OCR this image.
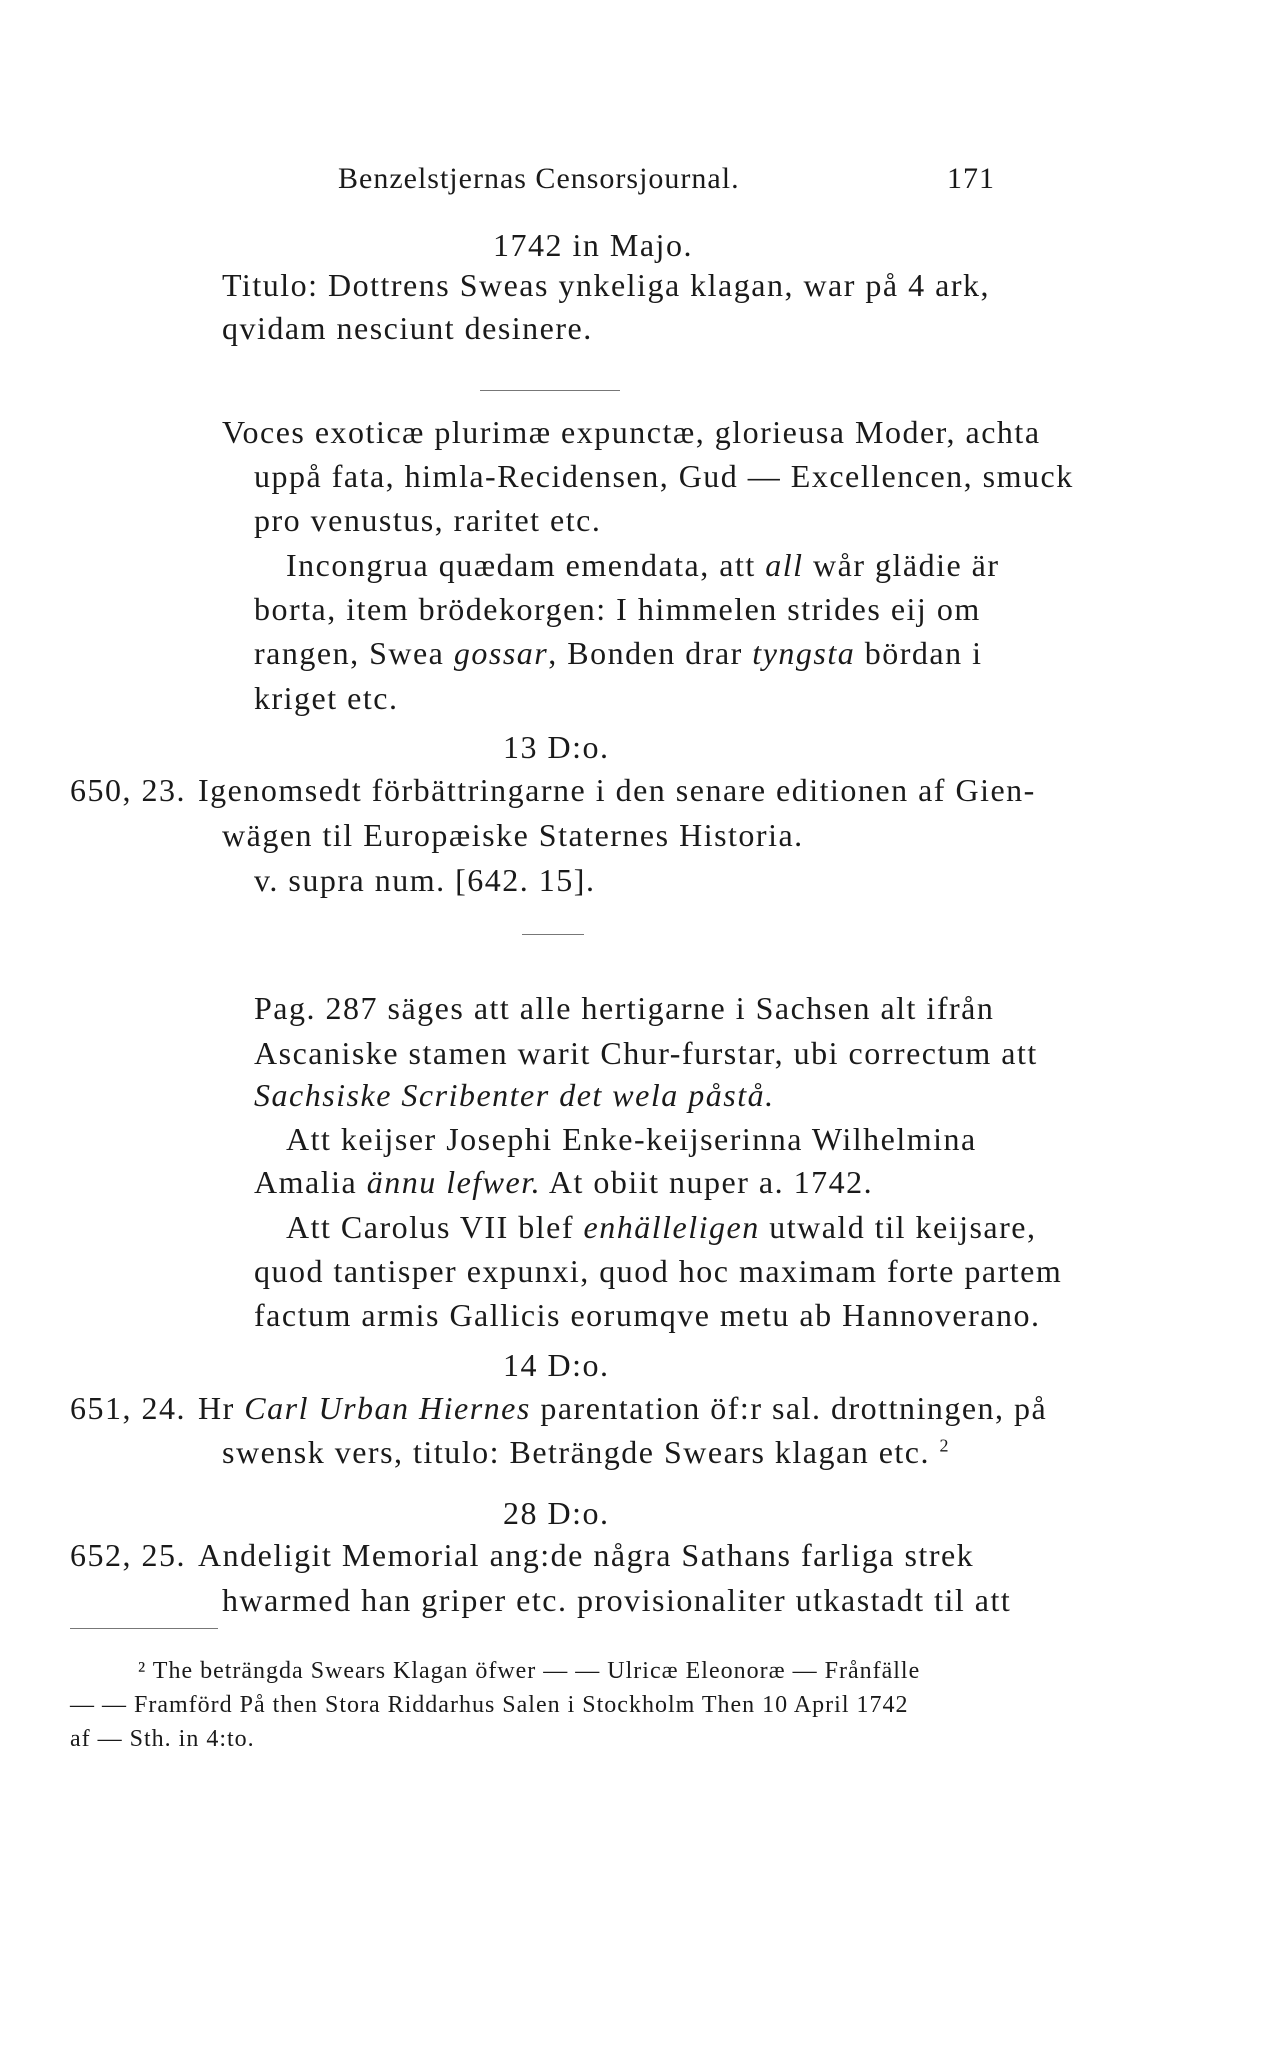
Benzelstjernas Censorsjournal.	171
1742 in Majo.
Titulo: Dottrens Sweas ynkeliga klagan, war på 4 ark,
qvidam nesciunt desinere.
Voces exoticæ plurimæ expunctæ, glorieusa Moder, achta
uppå fata, himla-Recidensen, Gud — Excellencen, smuck
pro venustus, raritet etc.
Incongrua quædam emendata, att all wår glädie är
borta, item brödekorgen: I himmelen strides eij om
rangen, Swea gossar, Bonden drar tyngsta bördan i
kriget etc.
13 D:o.
650, 23. Igenomsedt förbättringarne i den senare editionen af Gien-
wägen til Europæiske Staternes Historia.
v. supra num. [642. 15].
Pag. 287 säges att alle hertigarne i Sachsen alt ifrån
Ascaniske stamen warit Chur-furstar, ubi correctum att
Sachsiske Scribenter det wela påstå.
Att keijser Josephi Enke-keijserinna Wilhelmina
Amalia ännu lefwer. At obiit nuper a. 1742.
Att Carolus VII blef enhälleligen utwald til keijsare,
quod tantisper expunxi, quod hoc maximam forte partem
factum armis Gallicis eorumqve metu ab Hannoverano.
14 D:o.
651, 24. Hr Carl Urban Hiernes parentation öf:r sal. drottningen, på
swensk vers, titulo: Beträngde Swears klagan etc. $^2$
28 D:o.
652, 25. Andeligit Memorial ang:de några Sathans farliga strek
hwarmed han griper etc. provisionaliter utkastadt til att
² The beträngda Swears Klagan öfwer — — Ulricæ Eleonoræ — Frånfälle
— — Framförd På then Stora Riddarhus Salen i Stockholm Then 10 April 1742
af — Sth. in 4:to.
